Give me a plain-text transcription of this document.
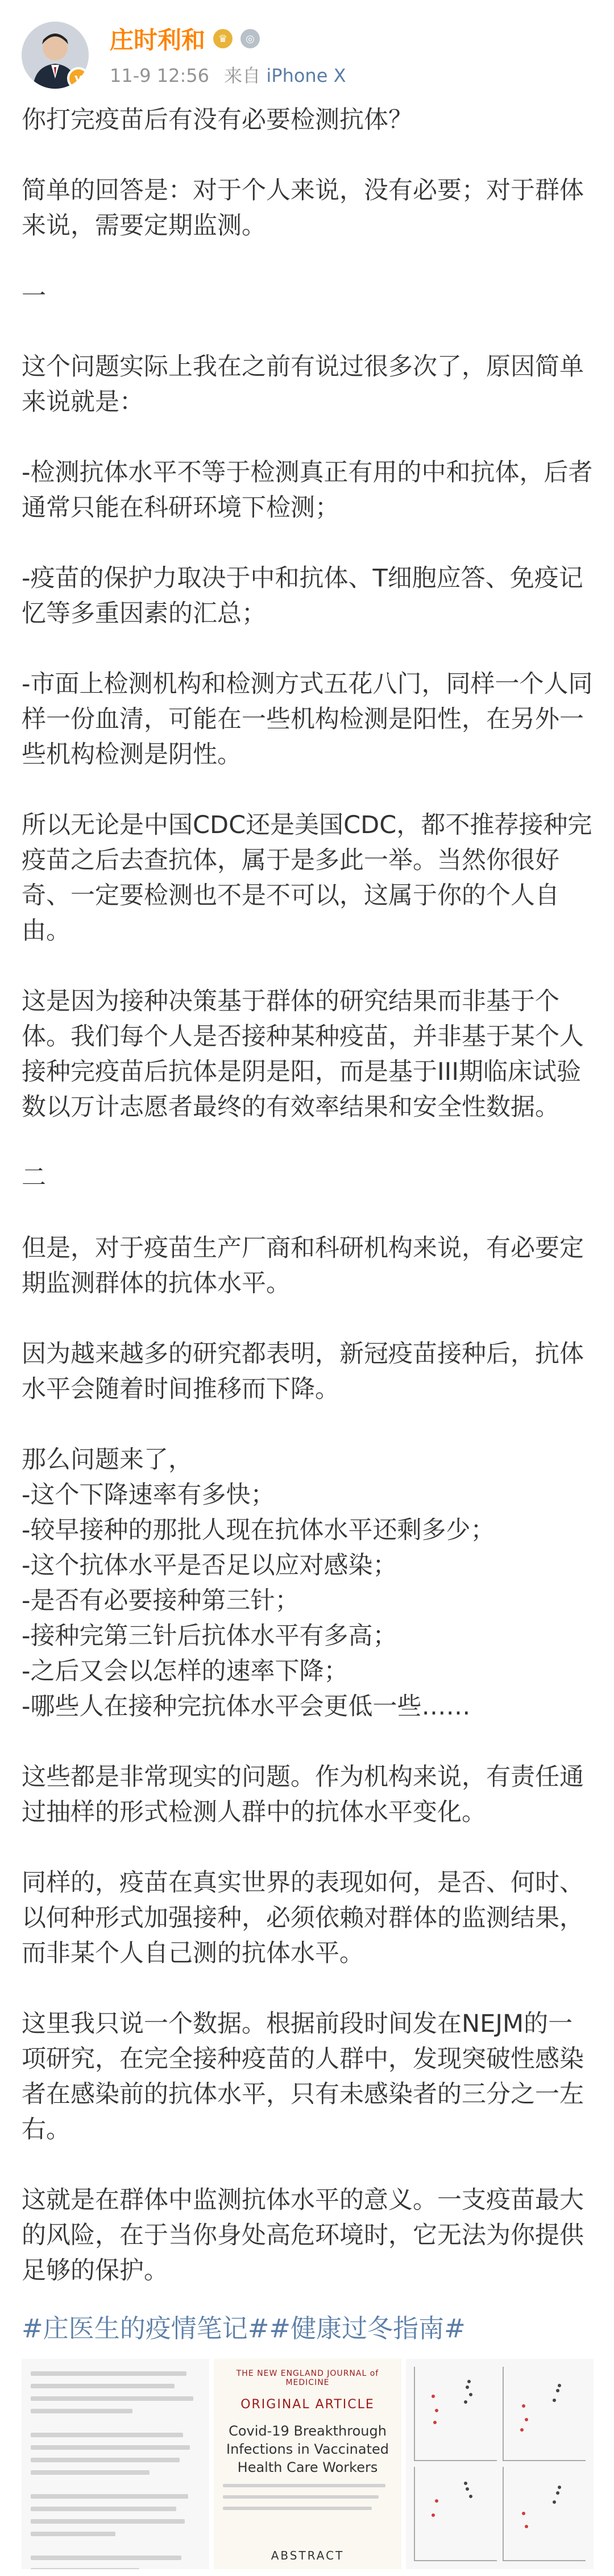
v
庄时利和	♛	◎
11-9 12:56 来自 iPhone X

你打完疫苗后有没有必要检测抗体？

简单的回答是：对于个人来说，没有必要；对于群体来说，需要定期监测。

一

这个问题实际上我在之前有说过很多次了，原因简单来说就是：

-检测抗体水平不等于检测真正有用的中和抗体，后者通常只能在科研环境下检测；

-疫苗的保护力取决于中和抗体、T细胞应答、免疫记忆等多重因素的汇总；

-市面上检测机构和检测方式五花八门，同样一个人同样一份血清，可能在一些机构检测是阳性，在另外一些机构检测是阴性。

所以无论是中国CDC还是美国CDC，都不推荐接种完疫苗之后去查抗体，属于是多此一举。当然你很好奇、一定要检测也不是不可以，这属于你的个人自由。

这是因为接种决策基于群体的研究结果而非基于个体。我们每个人是否接种某种疫苗，并非基于某个人接种完疫苗后抗体是阴是阳，而是基于III期临床试验数以万计志愿者最终的有效率结果和安全性数据。

二

但是，对于疫苗生产厂商和科研机构来说，有必要定期监测群体的抗体水平。

因为越来越多的研究都表明，新冠疫苗接种后，抗体水平会随着时间推移而下降。

那么问题来了，
-这个下降速率有多快；
-较早接种的那批人现在抗体水平还剩多少；
-这个抗体水平是否足以应对感染；
-是否有必要接种第三针；
-接种完第三针后抗体水平有多高；
-之后又会以怎样的速率下降；
-哪些人在接种完抗体水平会更低一些……

这些都是非常现实的问题。作为机构来说，有责任通过抽样的形式检测人群中的抗体水平变化。

同样的，疫苗在真实世界的表现如何，是否、何时、以何种形式加强接种，必须依赖对群体的监测结果，而非某个人自己测的抗体水平。

这里我只说一个数据。根据前段时间发在NEJM的一项研究，在完全接种疫苗的人群中，发现突破性感染者在感染前的抗体水平，只有未感染者的三分之一左右。

这就是在群体中监测抗体水平的意义。一支疫苗最大的风险，在于当你身处高危环境时，它无法为你提供足够的保护。

#庄医生的疫情笔记##健康过冬指南#

THE NEW ENGLAND JOURNAL of MEDICINE
ORIGINAL ARTICLE
Covid-19 Breakthrough Infections in Vaccinated Health Care Workers
ABSTRACT
